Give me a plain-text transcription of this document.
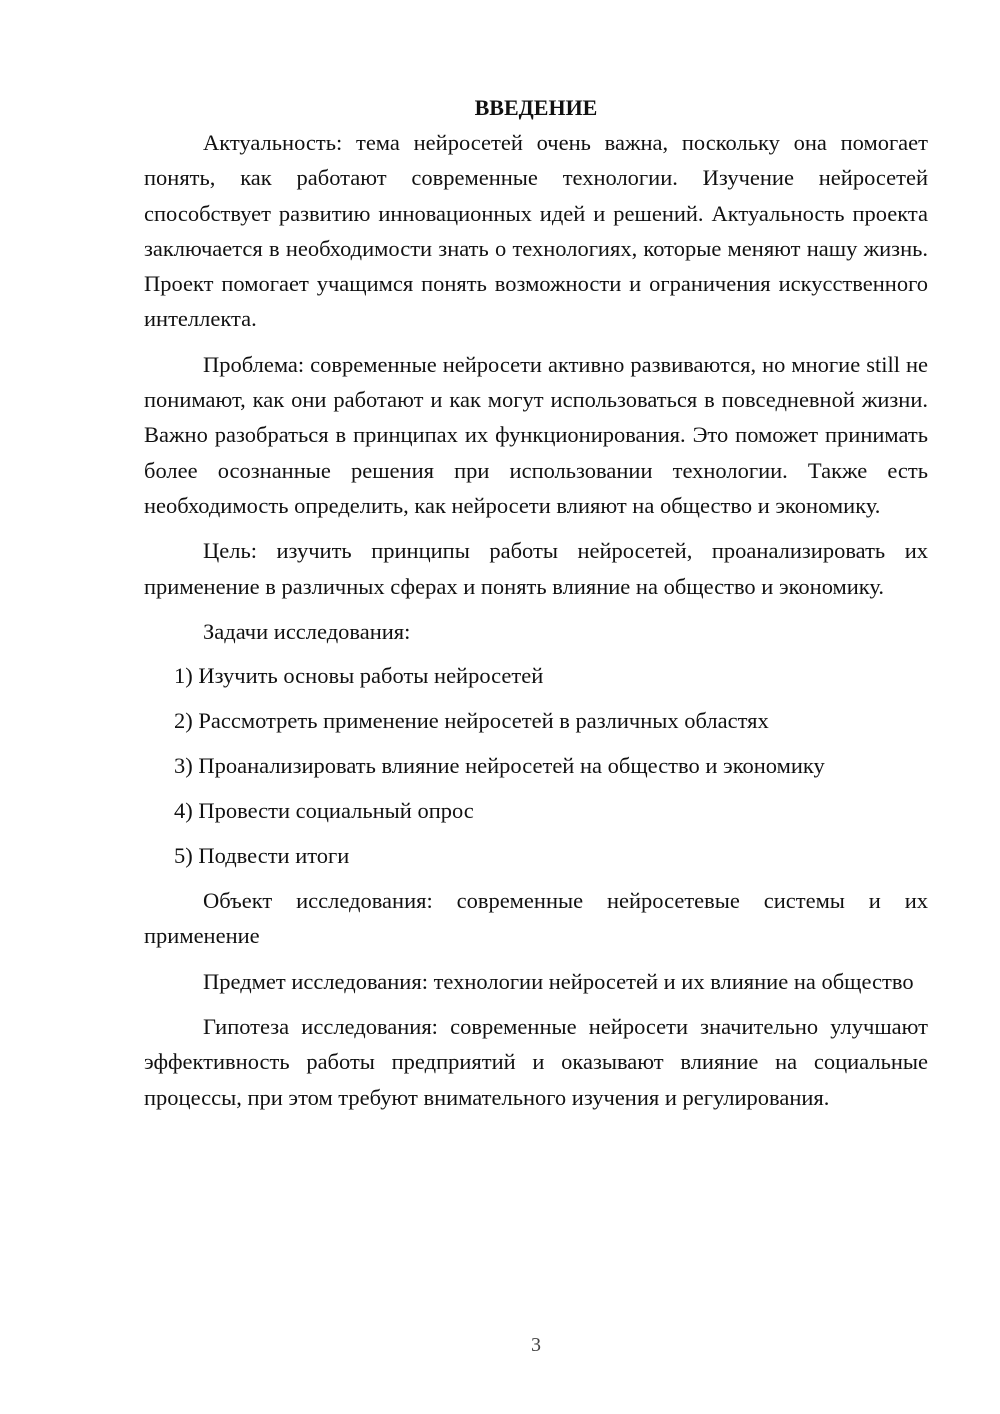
ВВЕДЕНИЕ

Актуальность: тема нейросетей очень важна, поскольку она помогает понять, как работают современные технологии. Изучение нейросетей способствует развитию инновационных идей и решений. Актуальность проекта заключается в необходимости знать о технологиях, которые меняют нашу жизнь. Проект помогает учащимся понять возможности и ограничения искусственного интеллекта.

Проблема: современные нейросети активно развиваются, но многие still не понимают, как они работают и как могут использоваться в повседневной жизни. Важно разобраться в принципах их функционирования. Это поможет принимать более осознанные решения при использовании технологии. Также есть необходимость определить, как нейросети влияют на общество и экономику.

Цель: изучить принципы работы нейросетей, проанализировать их применение в различных сферах и понять влияние на общество и экономику.

Задачи исследования:

1) Изучить основы работы нейросетей
2) Рассмотреть применение нейросетей в различных областях
3) Проанализировать влияние нейросетей на общество и экономику
4) Провести социальный опрос
5) Подвести итоги

Объект исследования: современные нейросетевые системы и их применение

Предмет исследования: технологии нейросетей и их влияние на общество

Гипотеза исследования: современные нейросети значительно улучшают эффективность работы предприятий и оказывают влияние на социальные процессы, при этом требуют внимательного изучения и регулирования.

3
